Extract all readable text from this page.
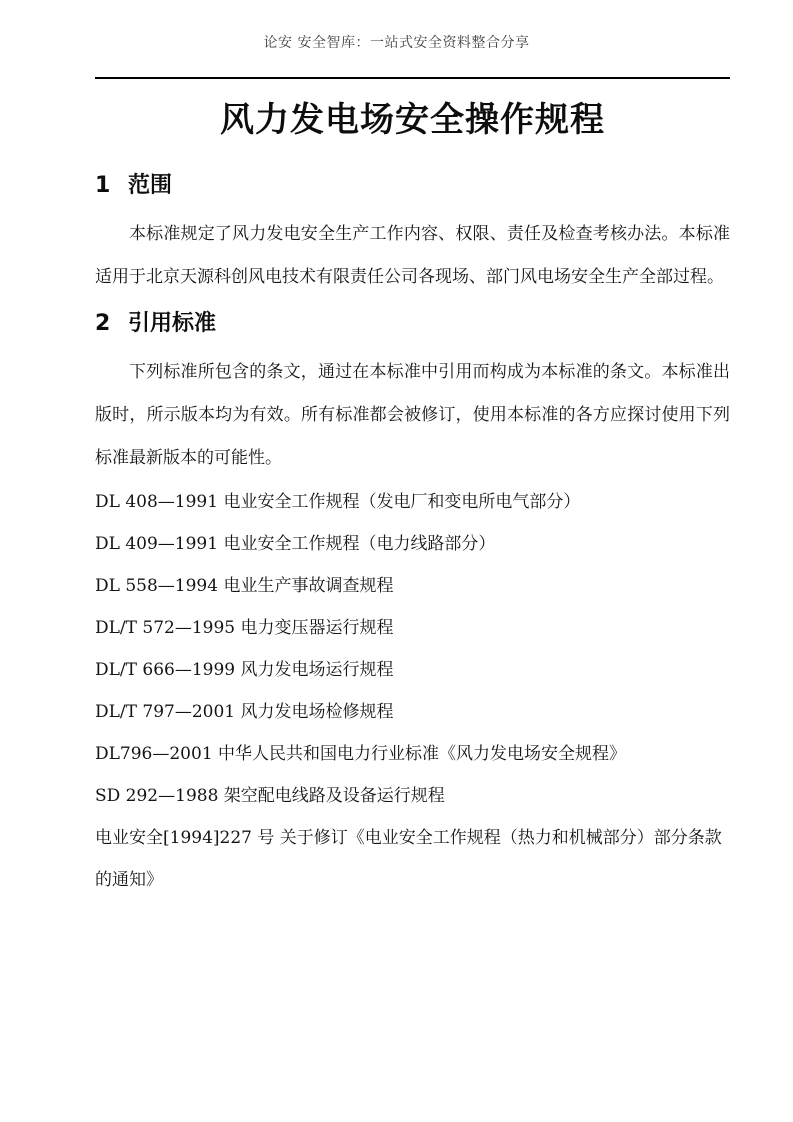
论安 安全智库：一站式安全资料整合分享
风力发电场安全操作规程
1 范围

本标准规定了风力发电安全生产工作内容、权限、责任及检查考核办法。本标准适用于北京天源科创风电技术有限责任公司各现场、部门风电场安全生产全部过程。

2 引用标准

下列标准所包含的条文，通过在本标准中引用而构成为本标准的条文。本标准出版时，所示版本均为有效。所有标准都会被修订，使用本标准的各方应探讨使用下列标准最新版本的可能性。

DL 408—1991 电业安全工作规程（发电厂和变电所电气部分）

DL 409—1991 电业安全工作规程（电力线路部分）

DL 558—1994 电业生产事故调查规程

DL/T 572—1995 电力变压器运行规程

DL/T 666—1999 风力发电场运行规程

DL/T 797—2001 风力发电场检修规程

DL796—2001 中华人民共和国电力行业标准《风力发电场安全规程》

SD 292—1988 架空配电线路及设备运行规程

电业安全[1994]227 号 关于修订《电业安全工作规程（热力和机械部分）部分条款的通知》
